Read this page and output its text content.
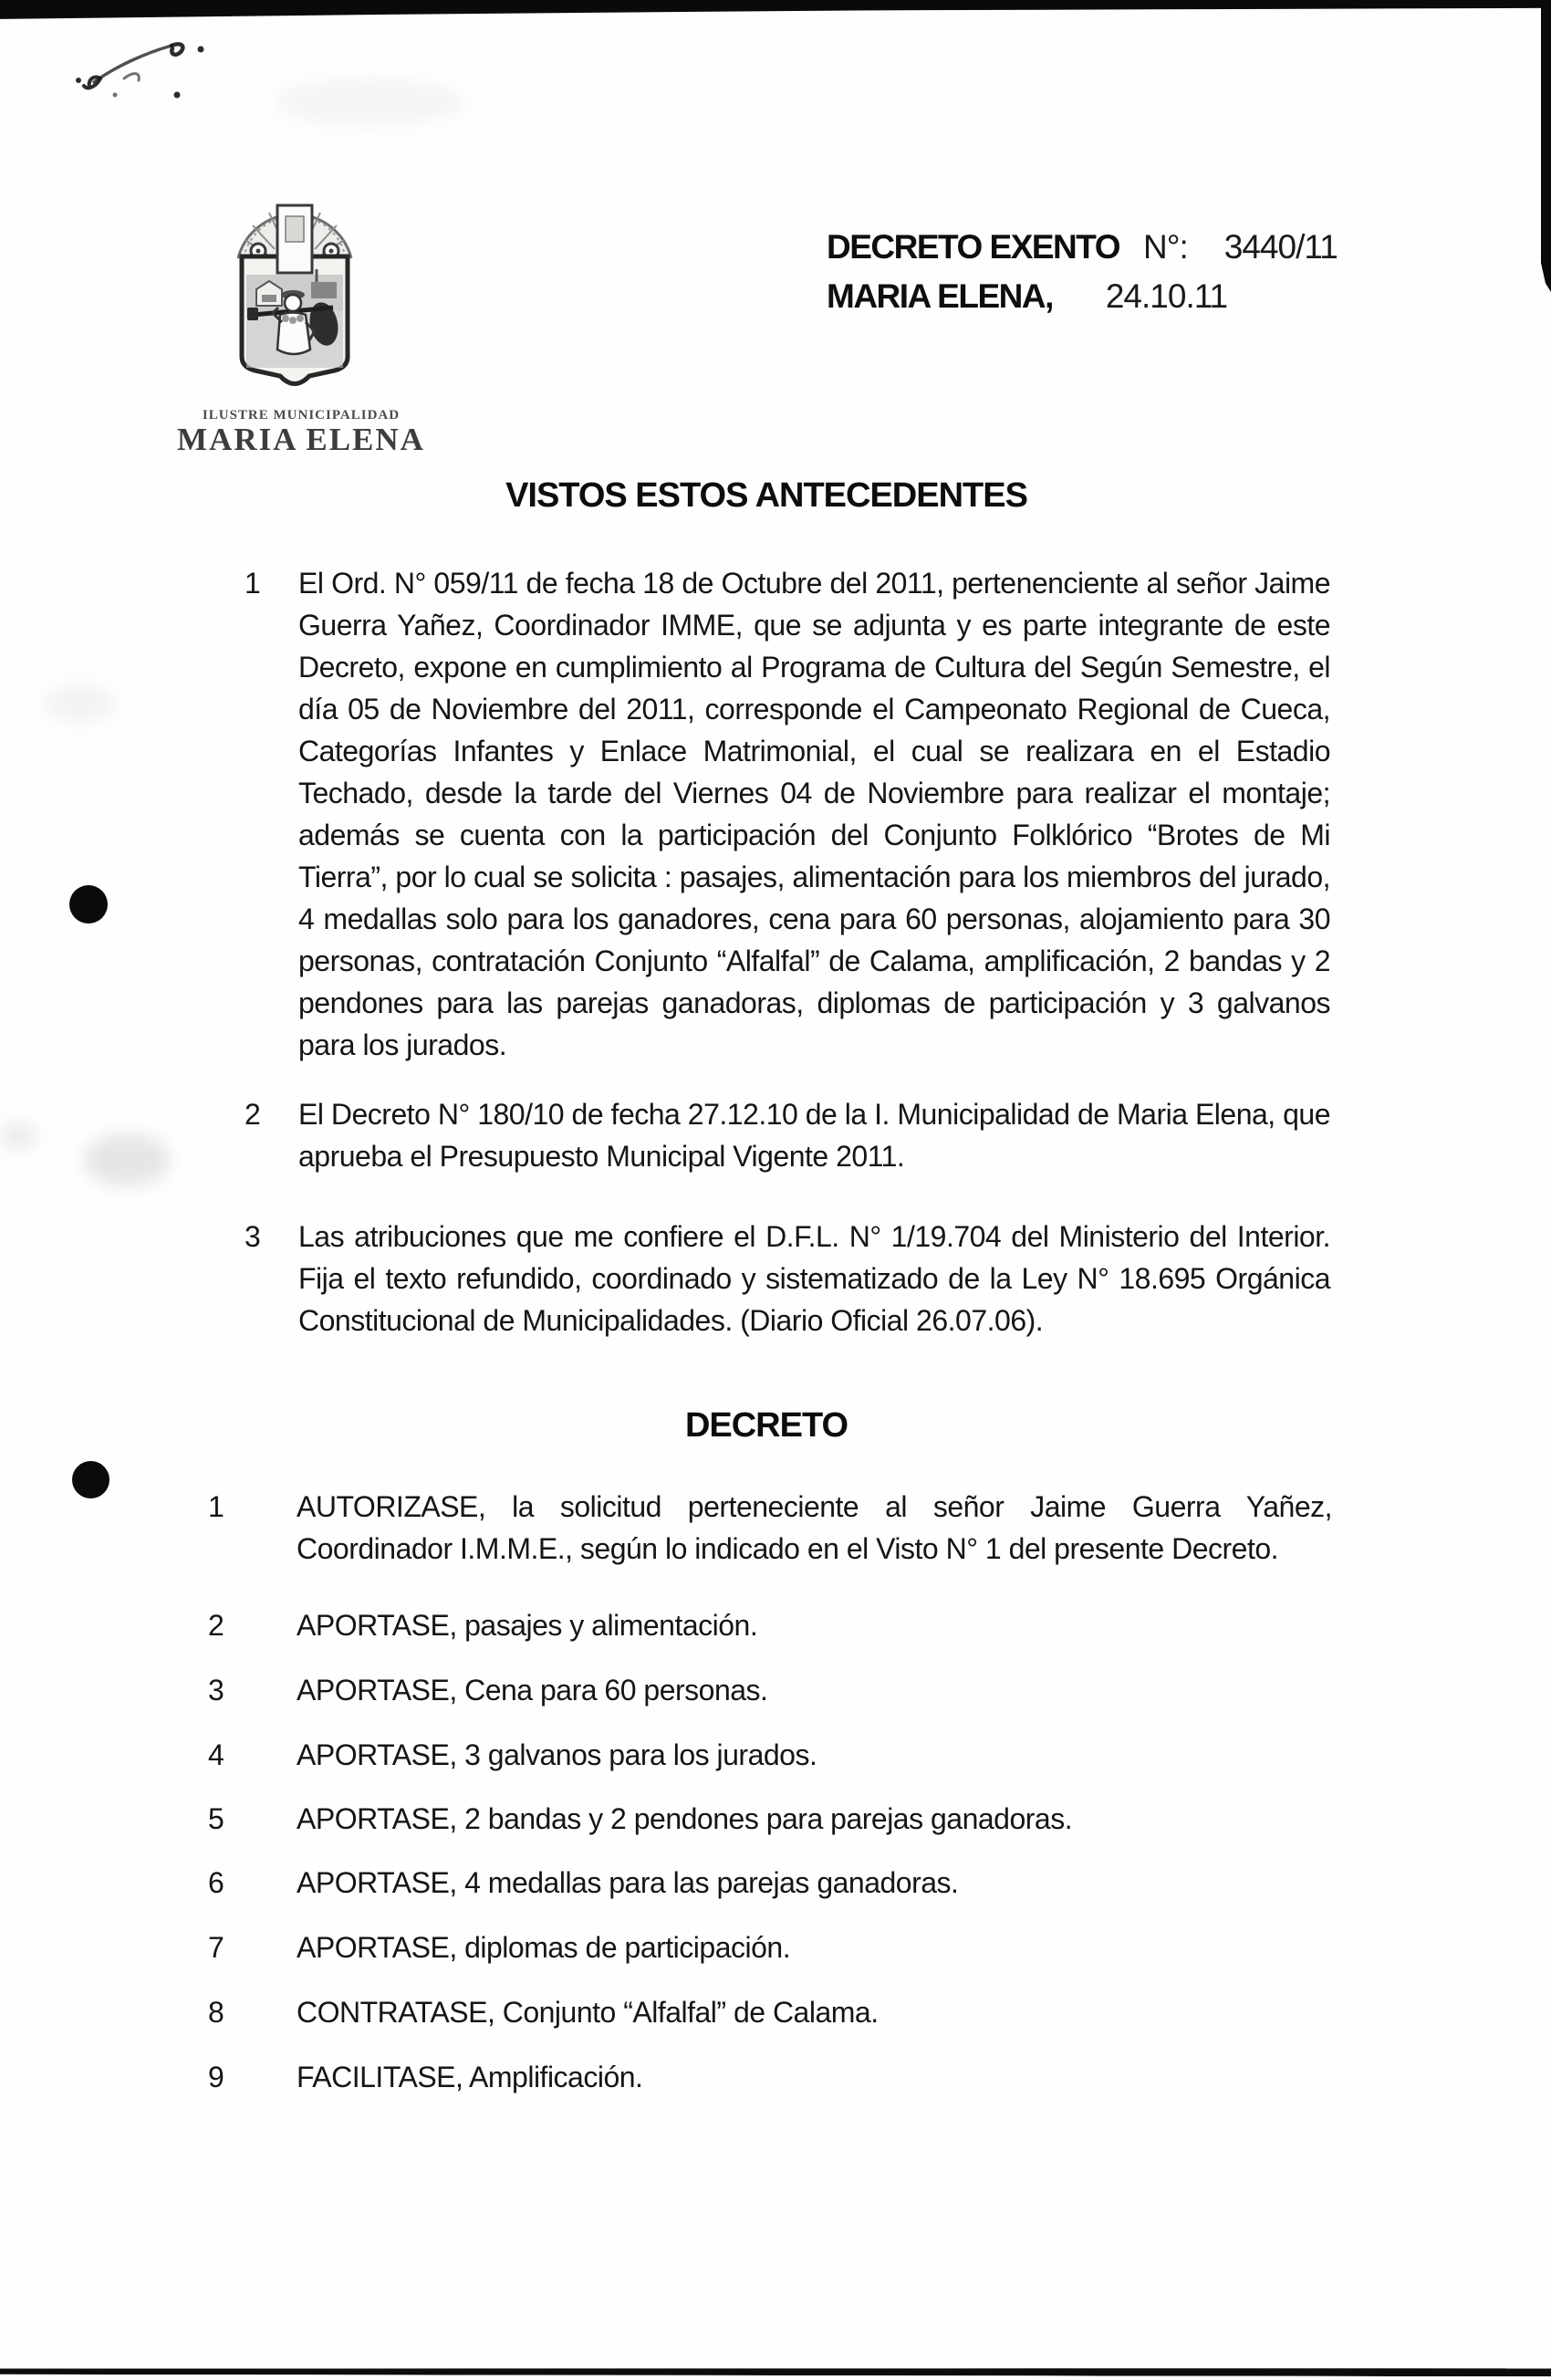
ILUSTRE MUNICIPALIDAD
MARIA ELENA
DECRETO EXENTO N°: 3440/11
MARIA ELENA, 24.10.11
VISTOS ESTOS ANTECEDENTES
1	El Ord. N° 059/11 de fecha 18 de Octubre del 2011, pertenenciente al señor Jaime Guerra Yañez, Coordinador IMME, que se adjunta y es parte integrante de este Decreto, expone en cumplimiento al Programa de Cultura del Según Semestre, el día 05 de Noviembre del 2011, corresponde el Campeonato Regional de Cueca, Categorías Infantes y Enlace Matrimonial, el cual se realizara en el Estadio Techado, desde la tarde del Viernes 04 de Noviembre para realizar el montaje; además se cuenta con la participación del Conjunto Folklórico “Brotes de Mi Tierra”, por lo cual se solicita : pasajes, alimentación para los miembros del jurado, 4 medallas solo para los ganadores, cena para 60 personas, alojamiento para 30 personas, contratación Conjunto “Alfalfal” de Calama, amplificación, 2 bandas y 2 pendones para las parejas ganadoras, diplomas de participación y 3 galvanos para los jurados.
2	El Decreto N° 180/10 de fecha 27.12.10 de la I. Municipalidad de Maria Elena, que aprueba el Presupuesto Municipal Vigente 2011.
3	Las atribuciones que me confiere el D.F.L. N° 1/19.704 del Ministerio del Interior. Fija el texto refundido, coordinado y sistematizado de la Ley N° 18.695 Orgánica Constitucional de Municipalidades. (Diario Oficial 26.07.06).
DECRETO
1	AUTORIZASE, la solicitud perteneciente al señor Jaime Guerra Yañez, Coordinador I.M.M.E., según lo indicado en el Visto N° 1 del presente Decreto.
2	APORTASE, pasajes y alimentación.
3	APORTASE, Cena para 60 personas.
4	APORTASE, 3 galvanos para los jurados.
5	APORTASE, 2 bandas y 2 pendones para parejas ganadoras.
6	APORTASE, 4 medallas para las parejas ganadoras.
7	APORTASE, diplomas de participación.
8	CONTRATASE, Conjunto “Alfalfal” de Calama.
9	FACILITASE, Amplificación.
